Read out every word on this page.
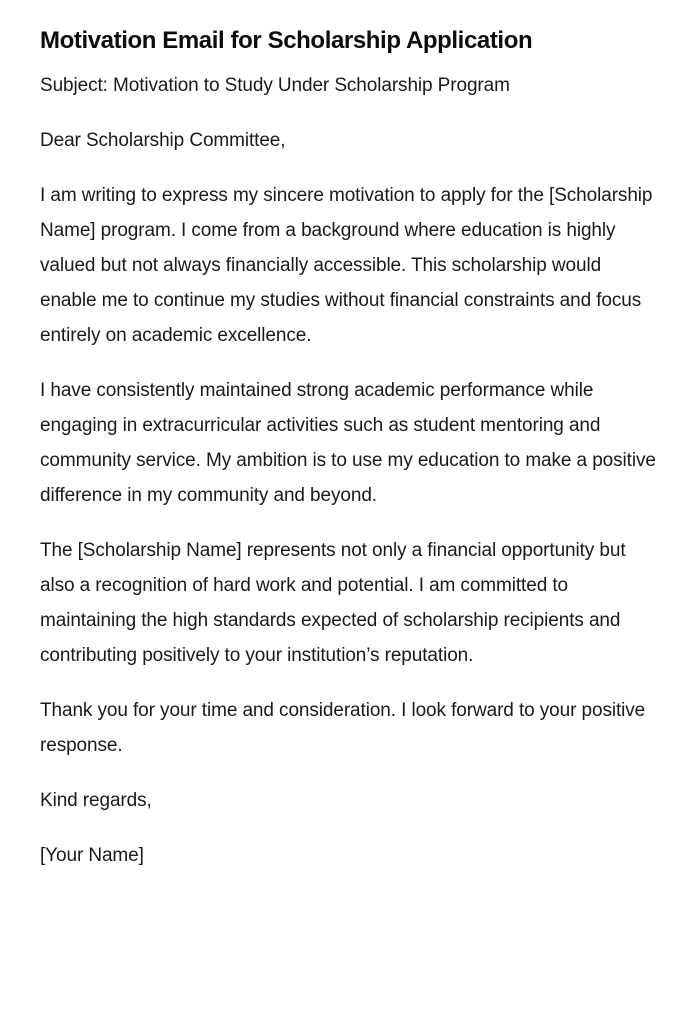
Motivation Email for Scholarship Application

Subject: Motivation to Study Under Scholarship Program

Dear Scholarship Committee,

I am writing to express my sincere motivation to apply for the [Scholarship Name] program. I come from a background where education is highly valued but not always financially accessible. This scholarship would enable me to continue my studies without financial constraints and focus entirely on academic excellence.

I have consistently maintained strong academic performance while engaging in extracurricular activities such as student mentoring and community service. My ambition is to use my education to make a positive difference in my community and beyond.

The [Scholarship Name] represents not only a financial opportunity but also a recognition of hard work and potential. I am committed to maintaining the high standards expected of scholarship recipients and contributing positively to your institution’s reputation.

Thank you for your time and consideration. I look forward to your positive response.

Kind regards,

[Your Name]
